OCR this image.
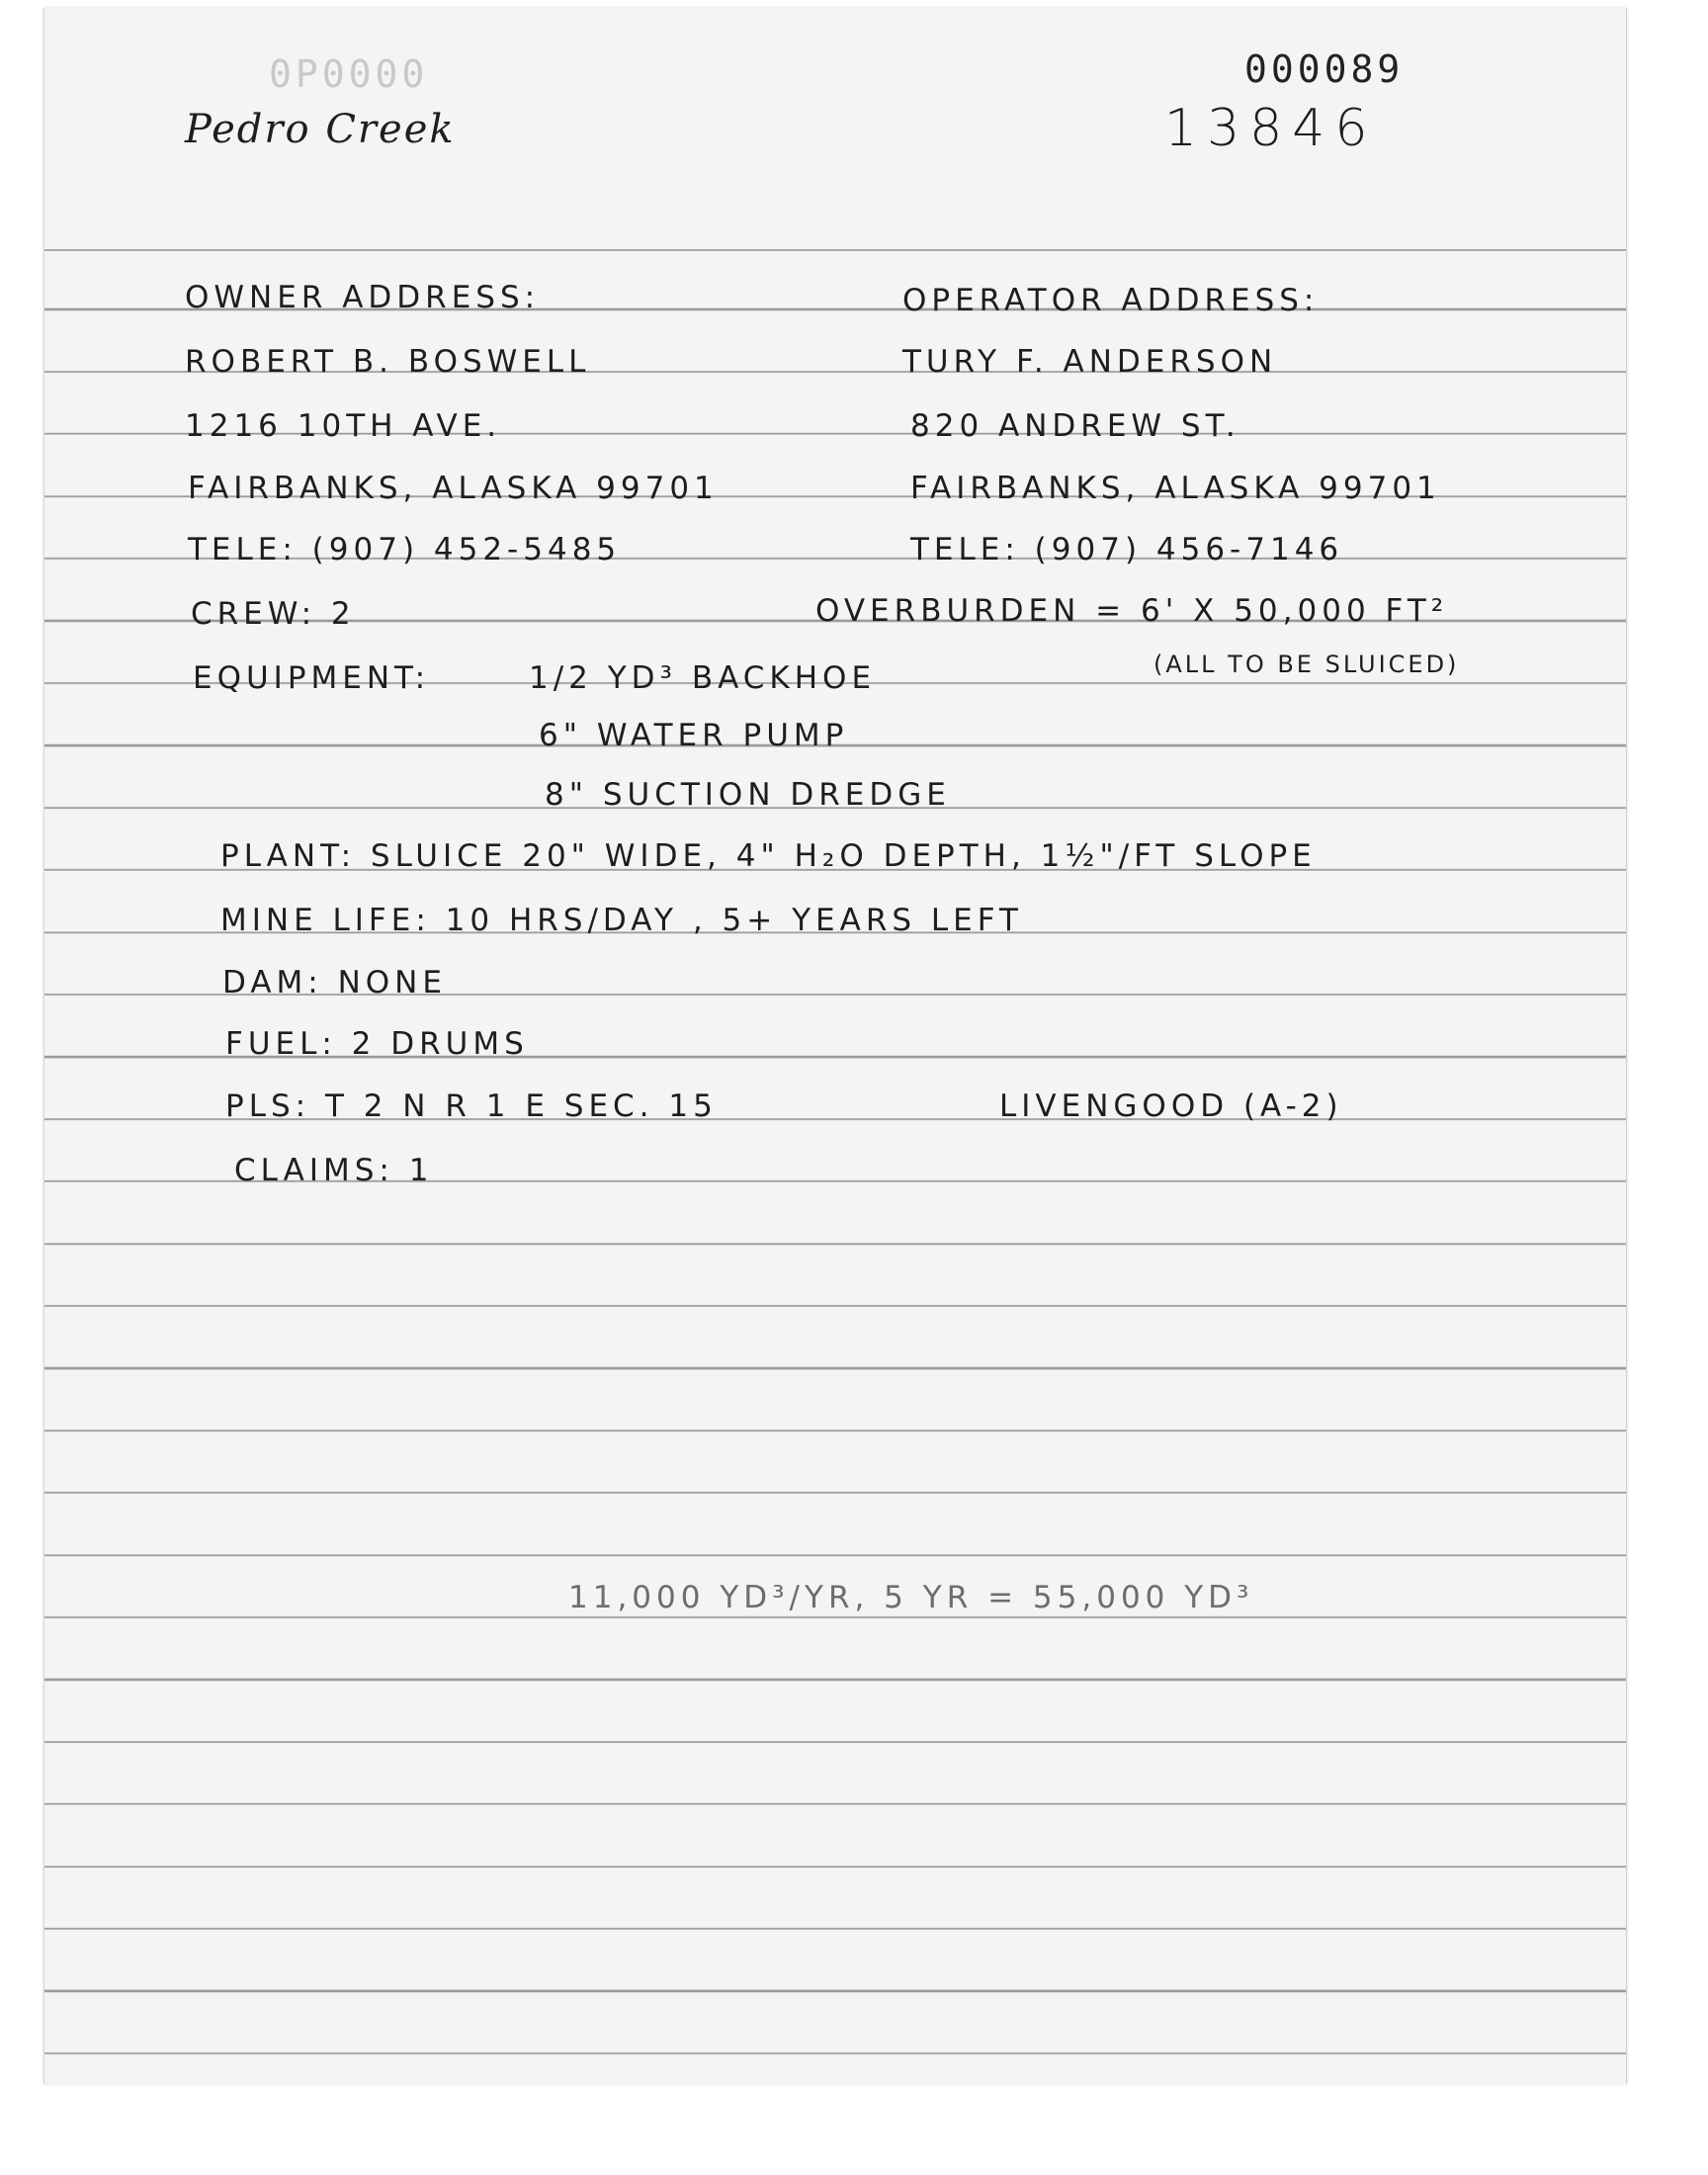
0P0000	000089
13846
Pedro Creek
OWNER ADDRESS:
ROBERT B. BOSWELL
1216 10TH AVE.
FAIRBANKS, ALASKA 99701
TELE: (907) 452-5485
OPERATOR ADDRESS:
TURY F. ANDERSON
820 ANDREW ST.
FAIRBANKS, ALASKA 99701
TELE: (907) 456-7146
CREW: 2	OVERBURDEN = 6' X 50,000 FT²
(ALL TO BE SLUICED)
EQUIPMENT:	1/2 YD³ BACKHOE
6" WATER PUMP
8" SUCTION DREDGE
PLANT: SLUICE 20" WIDE, 4" H₂O DEPTH, 1½"/FT SLOPE
MINE LIFE: 10 HRS/DAY , 5+ YEARS LEFT
DAM: NONE
FUEL: 2 DRUMS
PLS: T 2 N R 1 E SEC. 15	LIVENGOOD (A-2)
CLAIMS: 1
11,000 YD³/YR, 5 YR = 55,000 YD³
